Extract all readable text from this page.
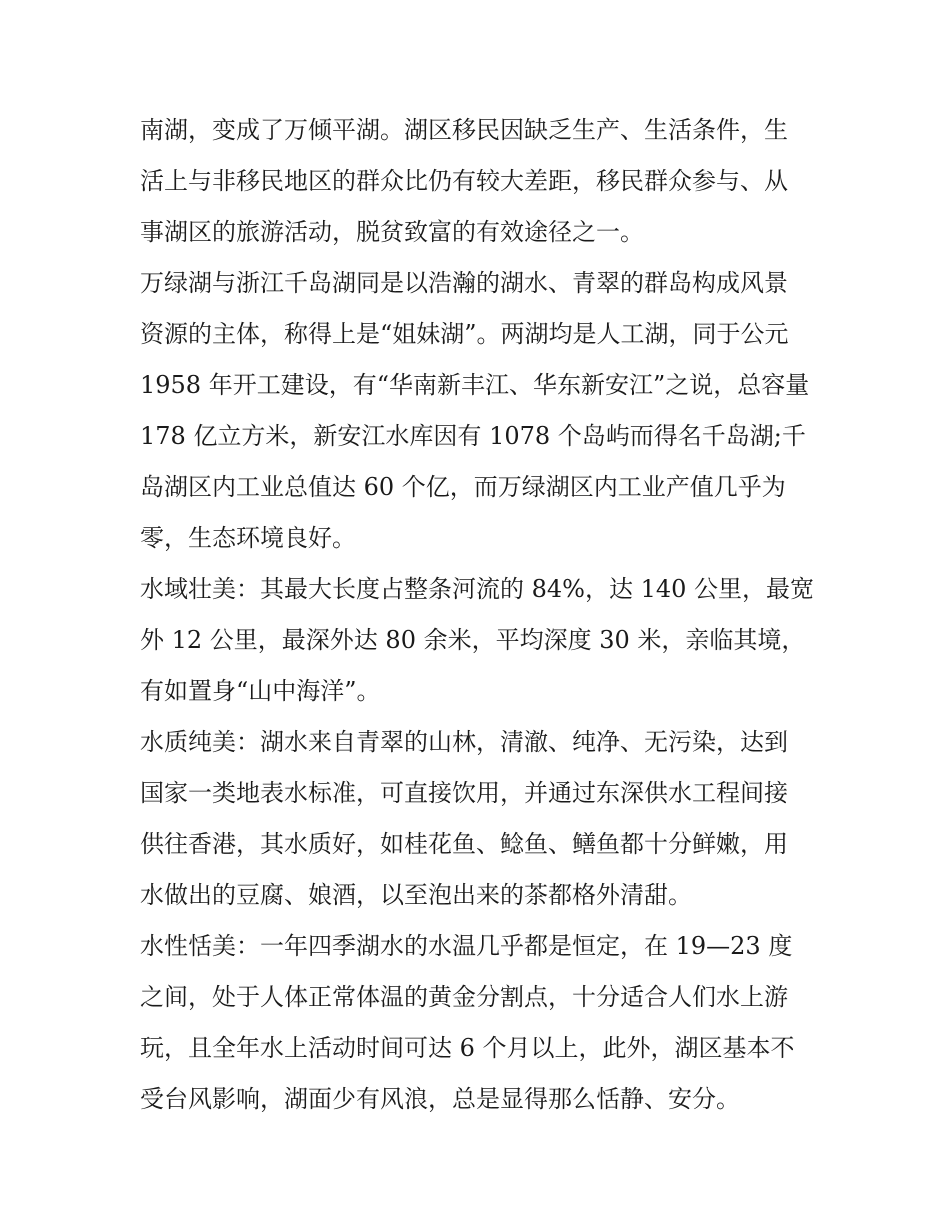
南湖，变成了万倾平湖。湖区移民因缺乏生产、生活条件，生
活上与非移民地区的群众比仍有较大差距，移民群众参与、从
事湖区的旅游活动，脱贫致富的有效途径之一。
万绿湖与浙江千岛湖同是以浩瀚的湖水、青翠的群岛构成风景
资源的主体，称得上是“姐妹湖”。两湖均是人工湖，同于公元
1958 年开工建设，有“华南新丰江、华东新安江”之说，总容量
178 亿立方米，新安江水库因有 1078 个岛屿而得名千岛湖;千
岛湖区内工业总值达 60 个亿，而万绿湖区内工业产值几乎为
零，生态环境良好。
水域壮美：其最大长度占整条河流的 84%，达 140 公里，最宽
外 12 公里，最深外达 80 余米，平均深度 30 米，亲临其境，
有如置身“山中海洋”。
水质纯美：湖水来自青翠的山林，清澈、纯净、无污染，达到
国家一类地表水标准，可直接饮用，并通过东深供水工程间接
供往香港，其水质好，如桂花鱼、鲶鱼、鳝鱼都十分鲜嫩，用
水做出的豆腐、娘酒，以至泡出来的茶都格外清甜。
水性恬美：一年四季湖水的水温几乎都是恒定，在 19—23 度
之间，处于人体正常体温的黄金分割点，十分适合人们水上游
玩，且全年水上活动时间可达 6 个月以上，此外，湖区基本不
受台风影响，湖面少有风浪，总是显得那么恬静、安分。
